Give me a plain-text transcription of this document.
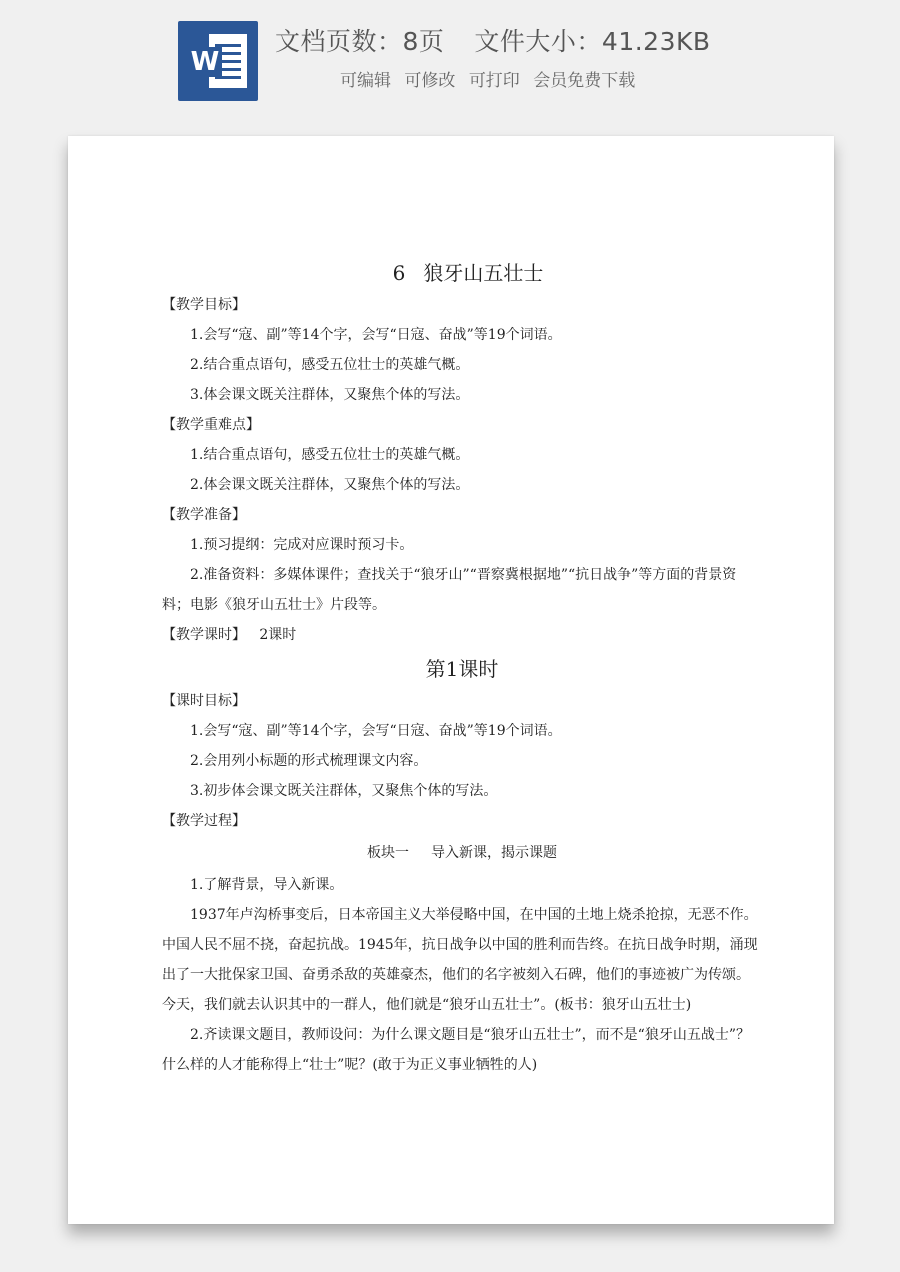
W
文档页数：8页 文件大小：41.23KB
可编辑 可修改 可打印 会员免费下载
6 狼牙山五壮士
【教学目标】

1.会写“寇、副”等14个字，会写“日寇、奋战”等19个词语。

2.结合重点语句，感受五位壮士的英雄气概。

3.体会课文既关注群体，又聚焦个体的写法。

【教学重难点】

1.结合重点语句，感受五位壮士的英雄气概。

2.体会课文既关注群体，又聚焦个体的写法。

【教学准备】

1.预习提纲：完成对应课时预习卡。

2.准备资料：多媒体课件；查找关于“狼牙山”“晋察冀根据地”“抗日战争”等方面的背景资料；电影《狼牙山五壮士》片段等。

【教学课时】 2课时
第1课时
【课时目标】

1.会写“寇、副”等14个字，会写“日寇、奋战”等19个词语。

2.会用列小标题的形式梳理课文内容。

3.初步体会课文既关注群体，又聚焦个体的写法。

【教学过程】
板块一 导入新课，揭示课题

1.了解背景，导入新课。

1937年卢沟桥事变后，日本帝国主义大举侵略中国，在中国的土地上烧杀抢掠，无恶不作。中国人民不屈不挠，奋起抗战。1945年，抗日战争以中国的胜利而告终。在抗日战争时期，涌现出了一大批保家卫国、奋勇杀敌的英雄豪杰，他们的名字被刻入石碑，他们的事迹被广为传颂。今天，我们就去认识其中的一群人，他们就是“狼牙山五壮士”。(板书：狼牙山五壮士)

2.齐读课文题目，教师设问：为什么课文题目是“狼牙山五壮士”，而不是“狼牙山五战士”？什么样的人才能称得上“壮士”呢？(敢于为正义事业牺牲的人)
